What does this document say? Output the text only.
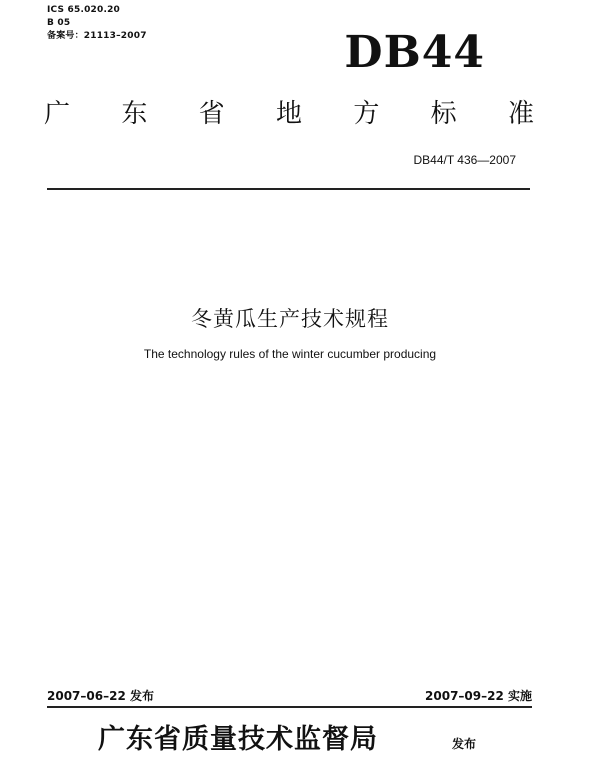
ICS 65.020.20
B 05
备案号：21113–2007	DB44
广 东 省 地 方 标 准
DB44/T 436—2007
冬黄瓜生产技术规程
The technology rules of the winter cucumber producing
2007–06–22 发布	2007–09–22 实施
广东省质量技术监督局	发布
